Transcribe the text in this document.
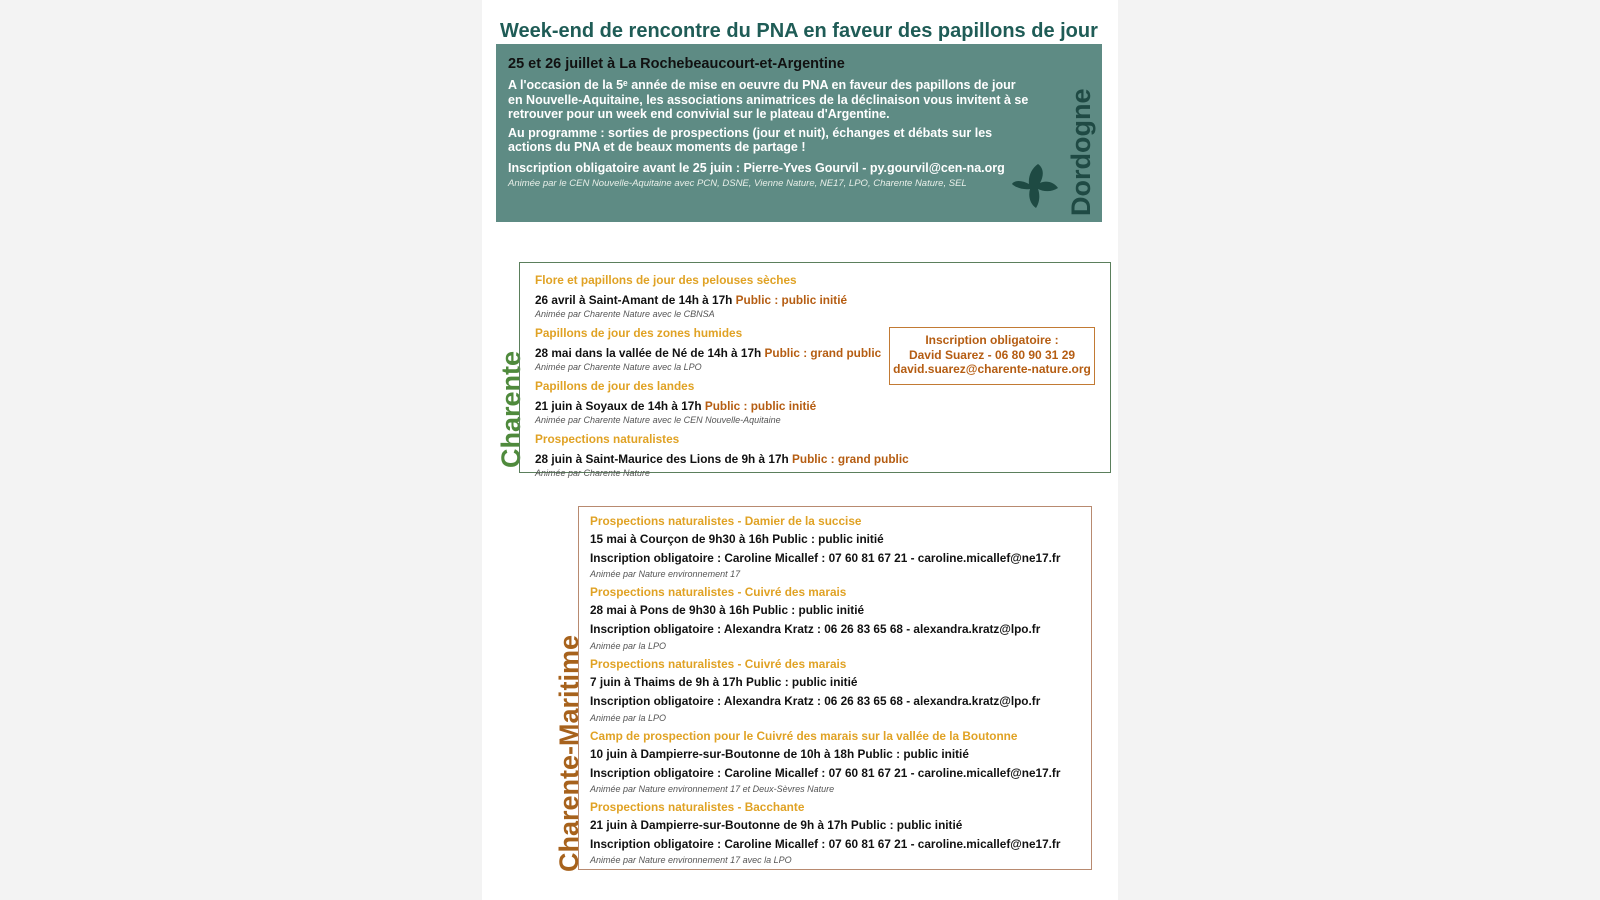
Week-end de rencontre du PNA en faveur des papillons de jour
25 et 26 juillet à La Rochebeaucourt-et-Argentine

A l'occasion de la 5ᵉ année de mise en oeuvre du PNA en faveur des papillons de jour en Nouvelle-Aquitaine, les associations animatrices de la déclinaison vous invitent à se retrouver pour un week end convivial sur le plateau d'Argentine.

Au programme : sorties de prospections (jour et nuit), échanges et débats sur les actions du PNA et de beaux moments de partage !

Inscription obligatoire avant le 25 juin : Pierre-Yves Gourvil - py.gourvil@cen-na.org
Animée par le CEN Nouvelle-Aquitaine avec PCN, DSNE, Vienne Nature, NE17, LPO, Charente Nature, SEL	Dordogne
Charente
Flore et papillons de jour des pelouses sèches
26 avril à Saint-Amant de 14h à 17h Public : public initié
Animée par Charente Nature avec le CBNSA
Papillons de jour des zones humides
28 mai dans la vallée de Né de 14h à 17h Public : grand public
Animée par Charente Nature avec la LPO
Papillons de jour des landes
21 juin à Soyaux de 14h à 17h Public : public initié
Animée par Charente Nature avec le CEN Nouvelle-Aquitaine
Prospections naturalistes
28 juin à Saint-Maurice des Lions de 9h à 17h Public : grand public
Animée par Charente Nature
Inscription obligatoire :
David Suarez - 06 80 90 31 29
david.suarez@charente-nature.org
Charente-Maritime
Prospections naturalistes - Damier de la succise
15 mai à Courçon de 9h30 à 16h Public : public initié
Inscription obligatoire : Caroline Micallef : 07 60 81 67 21 - caroline.micallef@ne17.fr
Animée par Nature environnement 17
Prospections naturalistes - Cuivré des marais
28 mai à Pons de 9h30 à 16h Public : public initié
Inscription obligatoire : Alexandra Kratz : 06 26 83 65 68 - alexandra.kratz@lpo.fr
Animée par la LPO
Prospections naturalistes - Cuivré des marais
7 juin à Thaims de 9h à 17h Public : public initié
Inscription obligatoire : Alexandra Kratz : 06 26 83 65 68 - alexandra.kratz@lpo.fr
Animée par la LPO
Camp de prospection pour le Cuivré des marais sur la vallée de la Boutonne
10 juin à Dampierre-sur-Boutonne de 10h à 18h Public : public initié
Inscription obligatoire : Caroline Micallef : 07 60 81 67 21 - caroline.micallef@ne17.fr
Animée par Nature environnement 17 et Deux-Sèvres Nature
Prospections naturalistes - Bacchante
21 juin à Dampierre-sur-Boutonne de 9h à 17h Public : public initié
Inscription obligatoire : Caroline Micallef : 07 60 81 67 21 - caroline.micallef@ne17.fr
Animée par Nature environnement 17 avec la LPO
